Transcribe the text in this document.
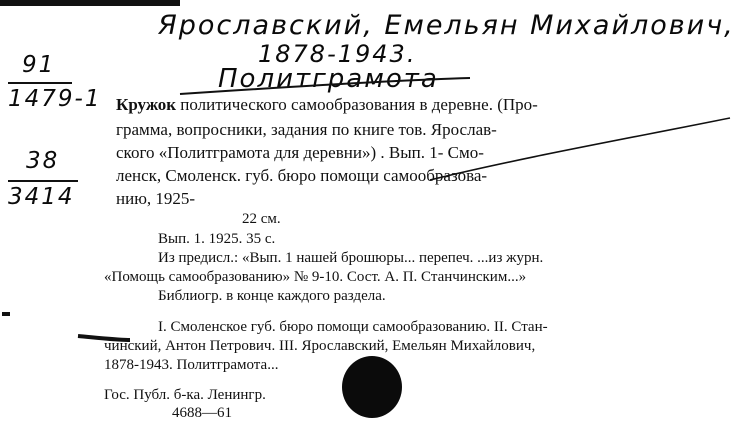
Ярославский, Емельян Михайлович,
1878-1943.
Политграмота
91
1479-1
38
3414
Кружок политического самообразования в деревне. (Про-
грамма, вопросники, задания по книге тов. Ярослав-
ского «Политграмота для деревни») . Вып. 1- Смо-
ленск, Смоленск. губ. бюро помощи самообразова-
нию, 1925-
22 см.
Вып. 1. 1925. 35 с.
Из предисл.: «Вып. 1 нашей брошюры... перепеч. ...из журн.
«Помощь самообразованию» № 9-10. Сост. А. П. Станчинским...»
Библиогр. в конце каждого раздела.
I. Смоленское губ. бюро помощи самообразованию. II. Стан-
чинский, Антон Петрович. III. Ярославский, Емельян Михайлович,
1878-1943. Политграмота...
Гос. Публ. б-ка. Ленингр.
4688—61
